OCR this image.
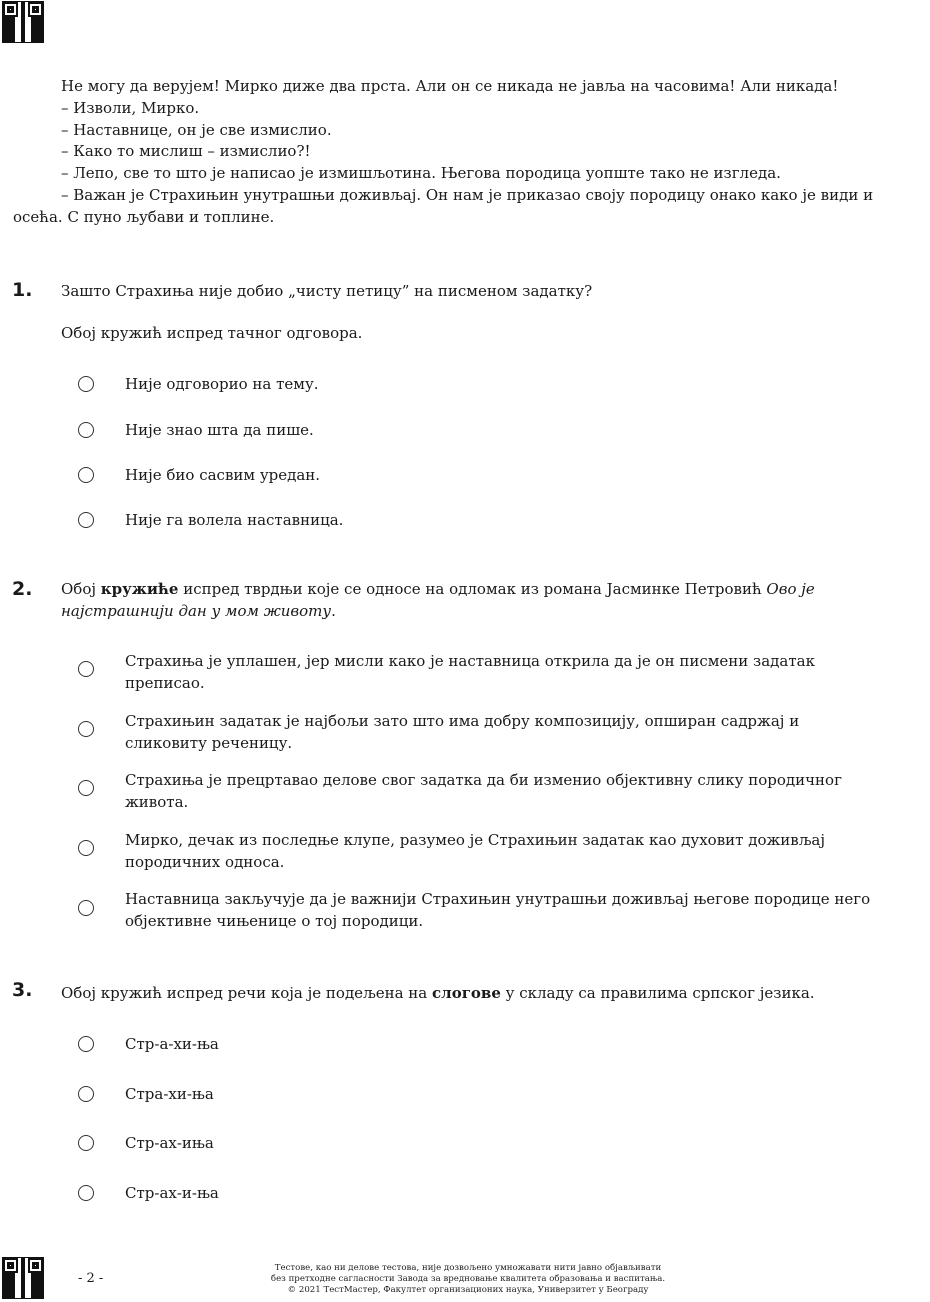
Не могу да верујем! Мирко диже два прста. Али он се никада не јавља на часовима! Али никада!

– Изволи, Мирко.

– Наставнице, он је све измислио.

– Како то мислиш – измислио?!

– Лепо, све то што је написао је измишљотина. Његова породица уопште тако не изгледа.

– Важан је Страхињин унутрашњи доживљај. Он нам је приказао своју породицу онако како је види и

осећа. С пуно љубави и топлине.

1. Зашто Страхиња није добио „чисту петицу” на писменом задатку?
Обој кружић испред тачног одговора.
Није одговорио на тему.
Није знао шта да пише.
Није био сасвим уредан.
Није га волела наставница.
2. Обој кружиће испред тврдњи које се односе на одломак из романа Јасминке Петровић Ово је најстрашнији дан у мом животу.
Страхиња је уплашен, јер мисли како је наставница открила да је он писмени задатак преписао.
Страхињин задатак је најбољи зато што има добру композицију, опширан садржај и сликовиту реченицу.
Страхиња је прецртавао делове свог задатка да би изменио објективну слику породичног живота.
Мирко, дечак из последње клупе, разумео је Страхињин задатак као духовит доживљај породичних односа.
Наставница закључује да је важнији Страхињин унутрашњи доживљај његове породице него објективне чињенице о тој породици.
3. Обој кружић испред речи која је подељена на слогове у складу са правилима српског језика.
Стр-а-хи-ња
Стра-хи-ња
Стр-ах-иња
Стр-ах-и-ња
- 2 -
Тестове, као ни делове тестова, није дозвољено умножавати нити јавно објављивати
без претходне сагласности Завода за вредновање квалитета образовања и васпитања.
© 2021 ТестМастер, Факултет организационих наука, Универзитет у Београду
